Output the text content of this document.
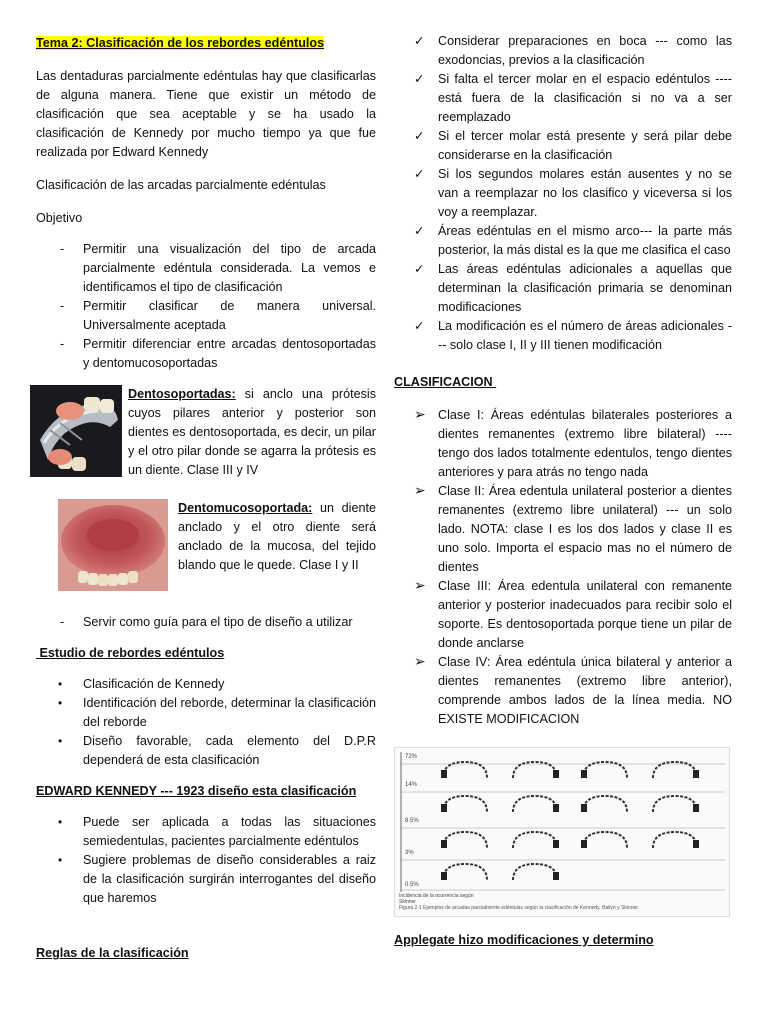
Tema 2: Clasificación de los rebordes edéntulos

Las dentaduras parcialmente edéntulas hay que clasificarlas de alguna manera. Tiene que existir un método de clasificación que sea aceptable y se ha usado la clasificación de Kennedy por mucho tiempo ya que fue realizada por Edward Kennedy

Clasificación de las arcadas parcialmente edéntulas

Objetivo

- Permitir una visualización del tipo de arcada parcialmente edéntula considerada. La vemos e identificamos el tipo de clasificación
- Permitir clasificar de manera universal. Universalmente aceptada
- Permitir diferenciar entre arcadas dentosoportadas y dentomucosoportadas

Dentosoportadas: si anclo una prótesis cuyos pilares anterior y posterior son dientes es dentosoportada, es decir, un pilar y el otro pilar donde se agarra la prótesis es un diente. Clase III y IV

Dentomucosoportada: un diente anclado y el otro diente será anclado de la mucosa, del tejido blando que le quede. Clase I y II

- Servir como guía para el tipo de diseño a utilizar

Estudio de rebordes edéntulos

• Clasificación de Kennedy
• Identificación del reborde, determinar la clasificación del reborde
• Diseño favorable, cada elemento del D.P.R dependerá de esta clasificación

EDWARD KENNEDY --- 1923 diseño esta clasificación

• Puede ser aplicada a todas las situaciones semiedentulas, pacientes parcialmente edéntulos
• Sugiere problemas de diseño considerables a raiz de la clasificación surgirán interrogantes del diseño que haremos

Reglas de la clasificación

✓ Considerar preparaciones en boca --- como las exodoncias, previos a la clasificación
✓ Si falta el tercer molar en el espacio edéntulos ---- está fuera de la clasificación si no va a ser reemplazado
✓ Si el tercer molar está presente y será pilar debe considerarse en la clasificación
✓ Si los segundos molares están ausentes y no se van a reemplazar no los clasifico y viceversa si los voy a reemplazar.
✓ Áreas edéntulas en el mismo arco--- la parte más posterior, la más distal es la que me clasifica el caso
✓ Las áreas edéntulas adicionales a aquellas que determinan la clasificación primaria se denominan modificaciones
✓ La modificación es el número de áreas adicionales --- solo clase I, II y III tienen modificación

CLASIFICACION

➢ Clase I: Áreas edéntulas bilaterales posteriores a dientes remanentes (extremo libre bilateral) ---- tengo dos lados totalmente edentulos, tengo dientes anteriores y para atrás no tengo nada
➢ Clase II: Área edentula unilateral posterior a dientes remanentes (extremo libre unilateral) --- un solo lado. NOTA: clase I es los dos lados y clase II es uno solo. Importa el espacio mas no el número de dientes
➢ Clase III: Área edentula unilateral con remanente anterior y posterior inadecuados para recibir solo el soporte. Es dentosoportada porque tiene un pilar de donde anclarse
➢ Clase IV: Área edéntula única bilateral y anterior a dientes remanentes (extremo libre anterior), comprende ambos lados de la línea media. NO EXISTE MODIFICACION
72%
14%
8.5%
3%
0.5%
Incidencia de la ocurrencia según Skinner
Figura 2-1 Ejemplos de arcadas parcialmente edéntulas según la clasificación de Kennedy, Bailyn y Skinner.

Applegate hizo modificaciones y determino
